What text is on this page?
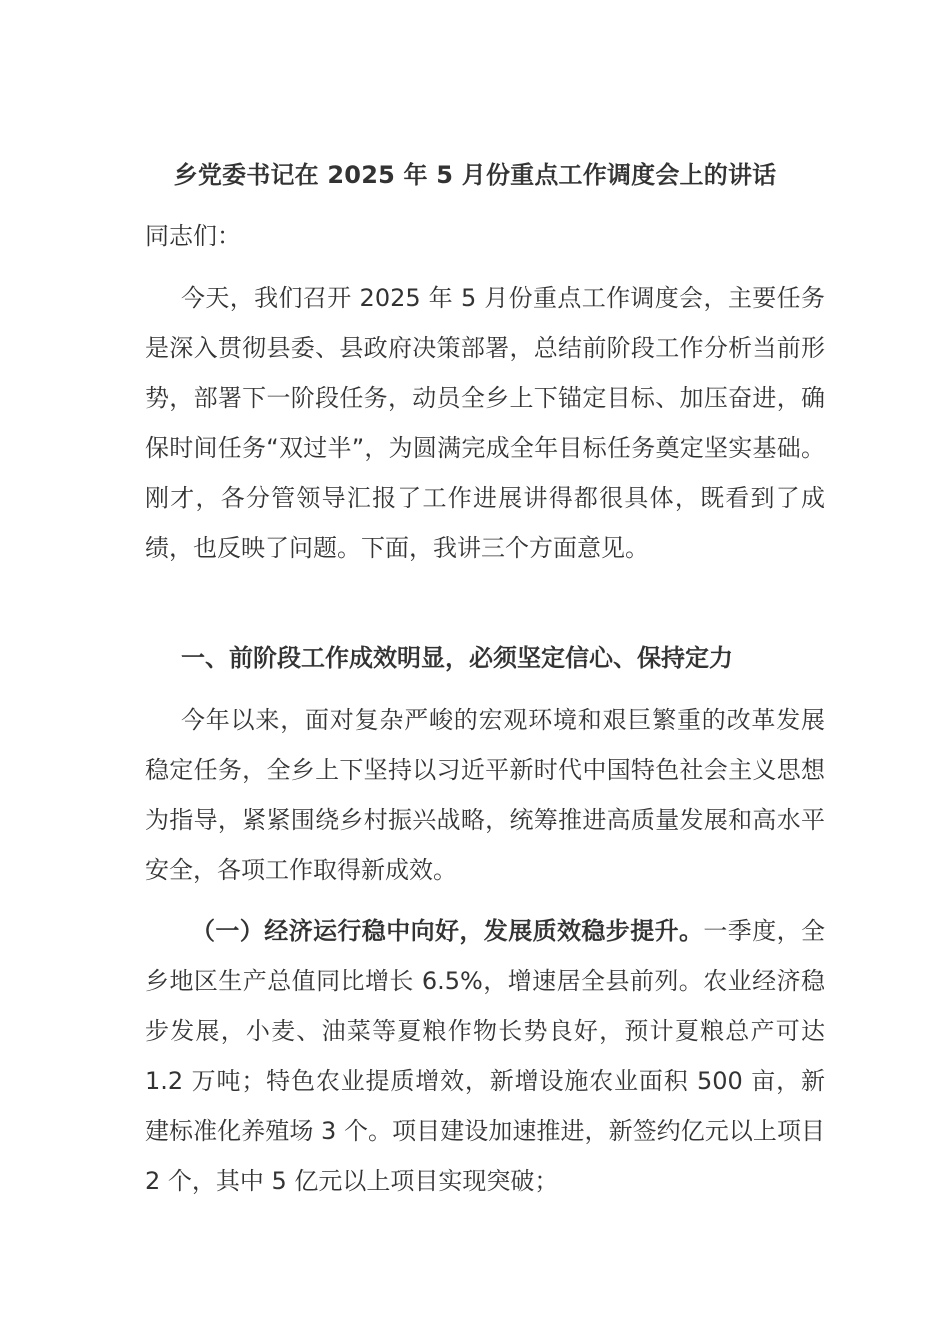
乡党委书记在 2025 年 5 月份重点工作调度会上的讲话
同志们：

今天，我们召开 2025 年 5 月份重点工作调度会，主要任务是深入贯彻县委、县政府决策部署，总结前阶段工作分析当前形势，部署下一阶段任务，动员全乡上下锚定目标、加压奋进，确保时间任务“双过半”，为圆满完成全年目标任务奠定坚实基础。刚才，各分管领导汇报了工作进展讲得都很具体，既看到了成绩，也反映了问题。下面，我讲三个方面意见。

一、前阶段工作成效明显，必须坚定信心、保持定力

今年以来，面对复杂严峻的宏观环境和艰巨繁重的改革发展稳定任务，全乡上下坚持以习近平新时代中国特色社会主义思想为指导，紧紧围绕乡村振兴战略，统筹推进高质量发展和高水平安全，各项工作取得新成效。

（一）经济运行稳中向好，发展质效稳步提升。一季度，全乡地区生产总值同比增长 6.5%，增速居全县前列。农业经济稳步发展，小麦、油菜等夏粮作物长势良好，预计夏粮总产可达 1.2 万吨；特色农业提质增效，新增设施农业面积 500 亩，新建标准化养殖场 3 个。项目建设加速推进，新签约亿元以上项目 2 个，其中 5 亿元以上项目实现突破；
